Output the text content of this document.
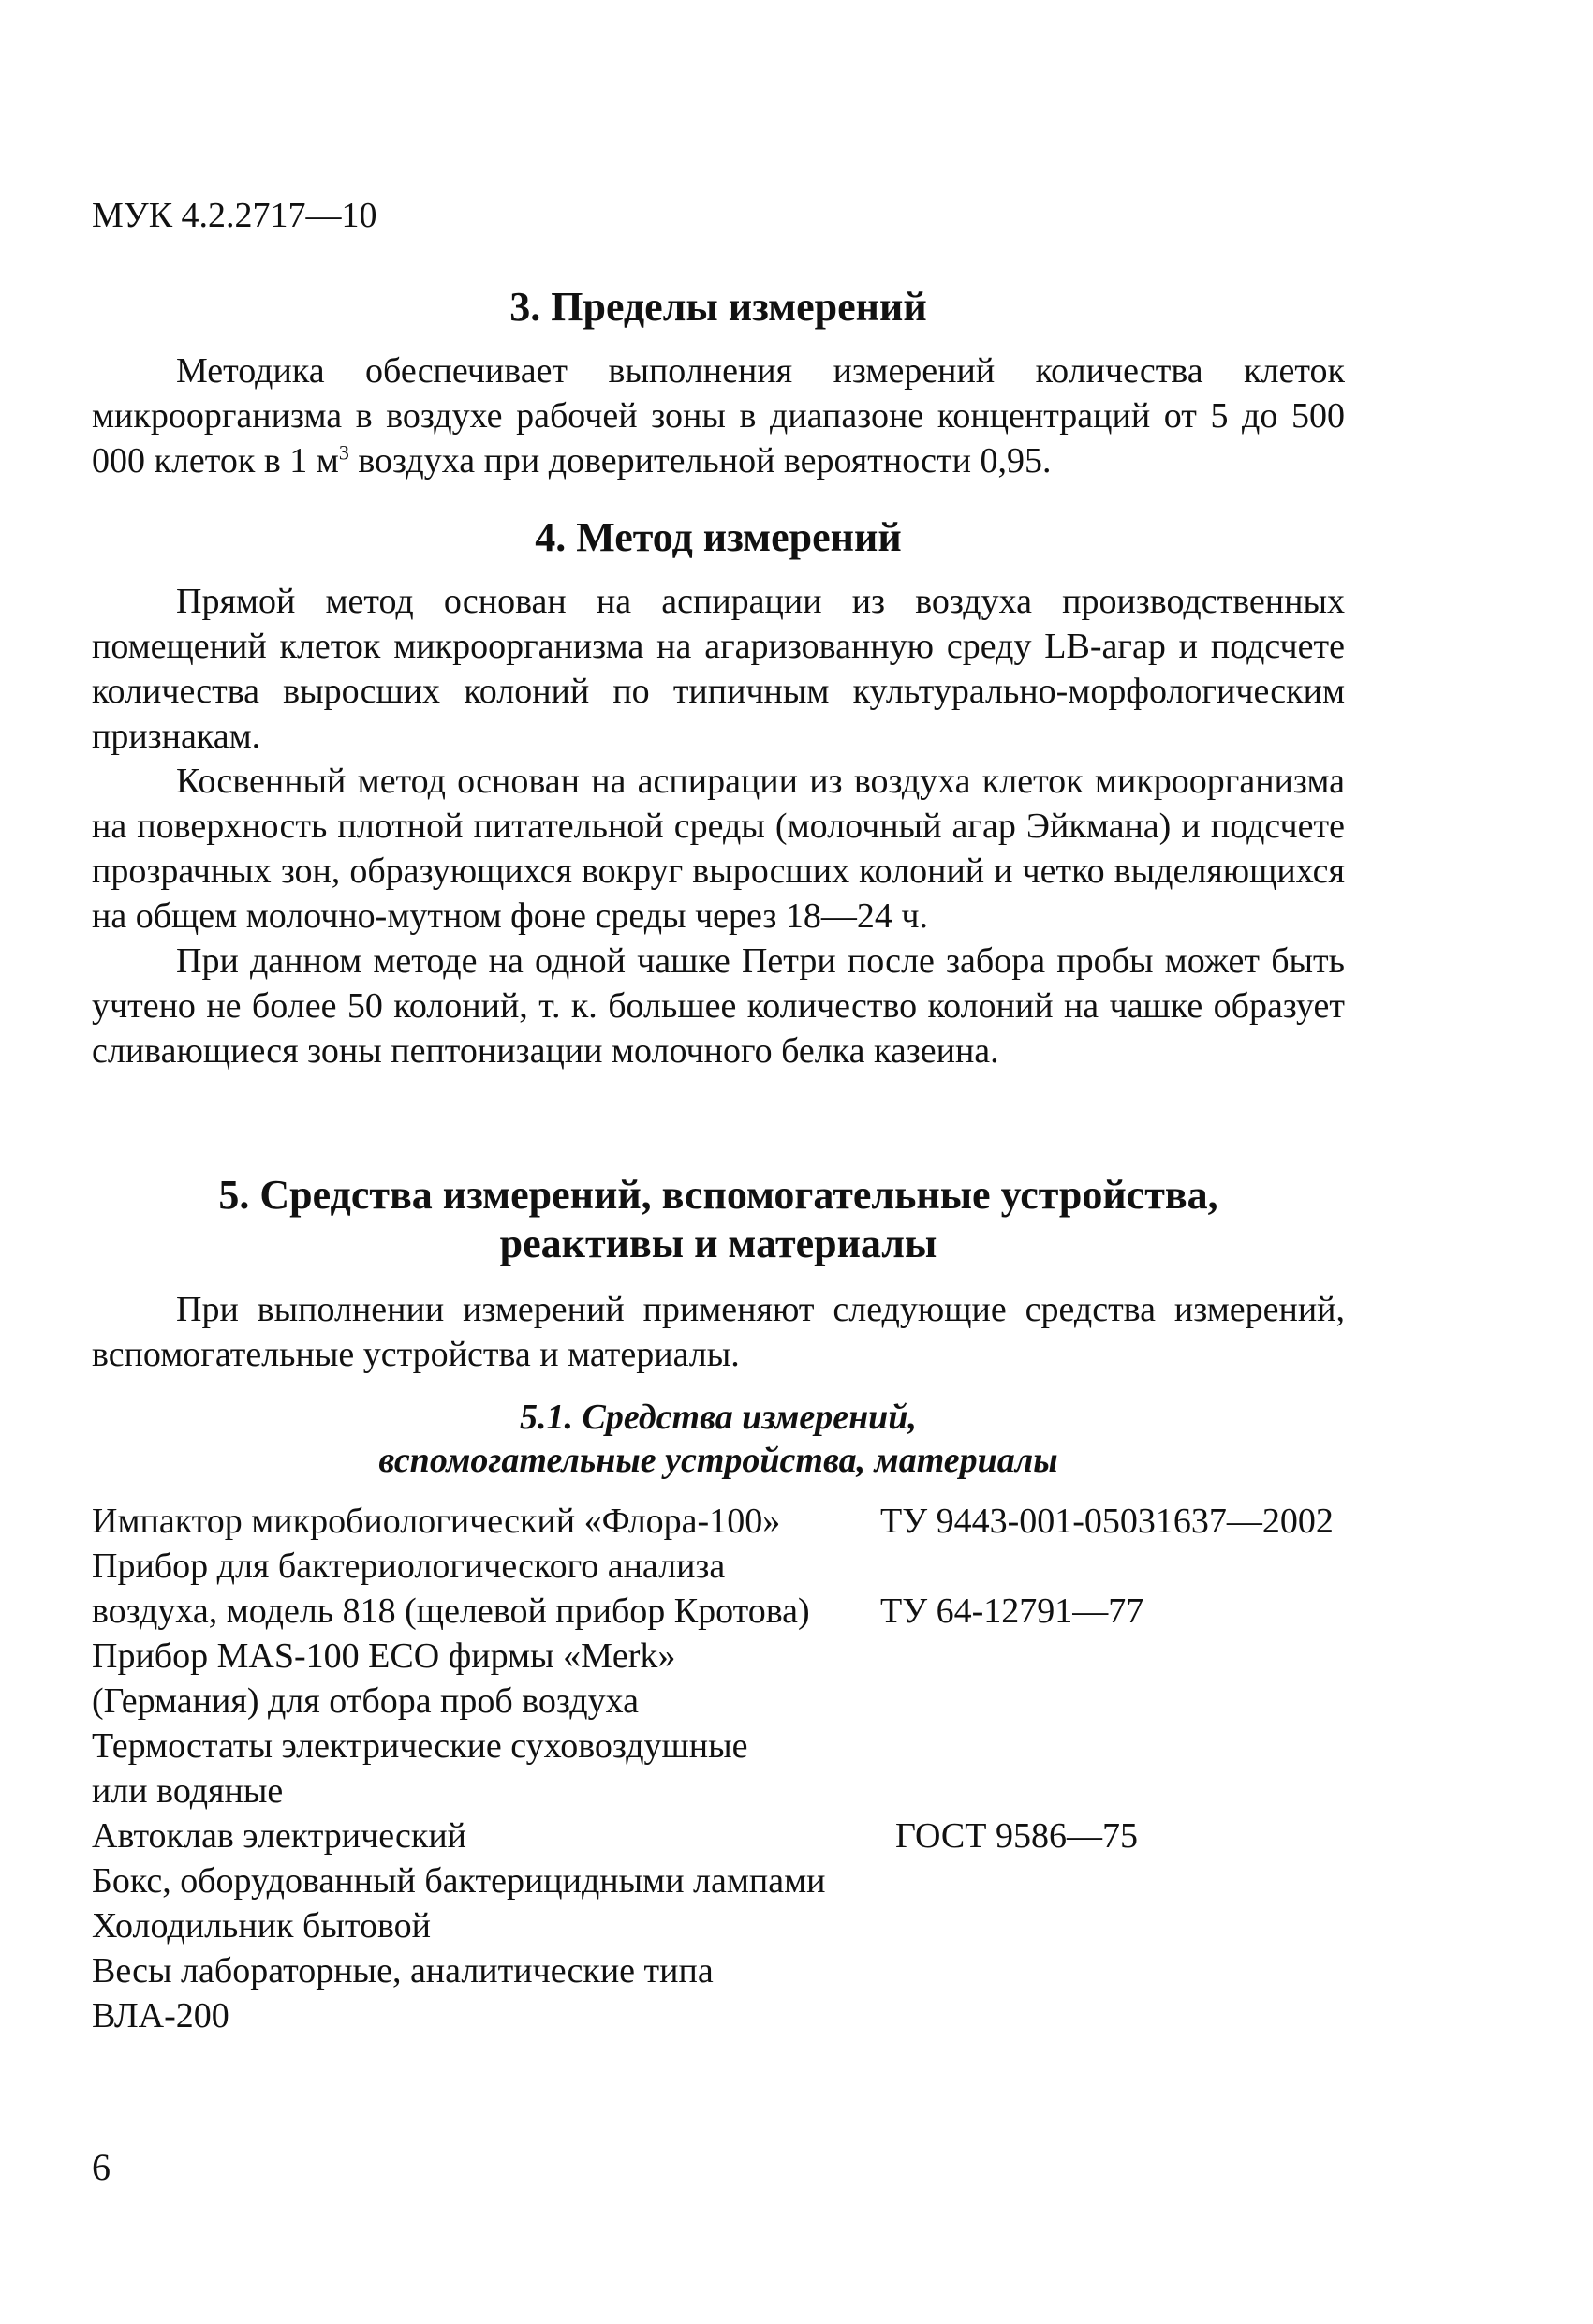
МУК 4.2.2717—10
3. Пределы измерений

Методика обеспечивает выполнения измерений количества клеток микроорганизма в воздухе рабочей зоны в диапазоне концентраций от 5 до 500 000 клеток в 1 $м^3$ воздуха при доверительной вероятности 0,95.

4. Метод измерений

Прямой метод основан на аспирации из воздуха производственных помещений клеток микроорганизма на агаризованную среду LB-агар и подсчете количества выросших колоний по типичным культурально-морфологическим признакам.

Косвенный метод основан на аспирации из воздуха клеток микроорганизма на поверхность плотной питательной среды (молочный агар Эйкмана) и подсчете прозрачных зон, образующихся вокруг выросших колоний и четко выделяющихся на общем молочно-мутном фоне среды через 18—24 ч.

При данном методе на одной чашке Петри после забора пробы может быть учтено не более 50 колоний, т. к. большее количество колоний на чашке образует сливающиеся зоны пептонизации молочного белка казеина.

5. Средства измерений, вспомогательные устройства,
реактивы и материалы

При выполнении измерений применяют следующие средства измерений, вспомогательные устройства и материалы.

5.1. Средства измерений,
вспомогательные устройства, материалы
Импактор микробиологический «Флора-100»	ТУ 9443-001-05031637—2002
Прибор для бактериологического анализа
воздуха, модель 818 (щелевой прибор Кротова) ТУ 64-12791—77
Прибор MAS-100 ECO фирмы «Merk»
(Германия) для отбора проб воздуха
Термостаты электрические суховоздушные
или водяные
Автоклав электрический	ГОСТ 9586—75
Бокс, оборудованный бактерицидными лампами
Холодильник бытовой
Весы лабораторные, аналитические типа
ВЛА-200
6
